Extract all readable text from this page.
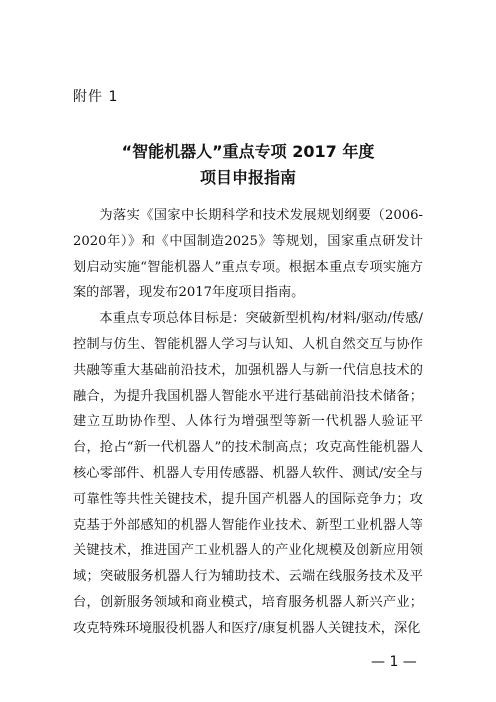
附件 1
“智能机器人”重点专项 2017 年度
项目申报指南

为落实《国家中长期科学和技术发展规划纲要（2006-2020年）》和《中国制造2025》等规划，国家重点研发计划启动实施“智能机器人”重点专项。根据本重点专项实施方案的部署，现发布2017年度项目指南。

本重点专项总体目标是：突破新型机构/材料/驱动/传感/控制与仿生、智能机器人学习与认知、人机自然交互与协作共融等重大基础前沿技术，加强机器人与新一代信息技术的融合，为提升我国机器人智能水平进行基础前沿技术储备；建立互助协作型、人体行为增强型等新一代机器人验证平台，抢占“新一代机器人”的技术制高点；攻克高性能机器人核心零部件、机器人专用传感器、机器人软件、测试/安全与可靠性等共性关键技术，提升国产机器人的国际竞争力；攻克基于外部感知的机器人智能作业技术、新型工业机器人等关键技术，推进国产工业机器人的产业化规模及创新应用领域；突破服务机器人行为辅助技术、云端在线服务技术及平台，创新服务领域和商业模式，培育服务机器人新兴产业；攻克特殊环境服役机器人和医疗/康复机器人关键技术，深化

— 1 —
